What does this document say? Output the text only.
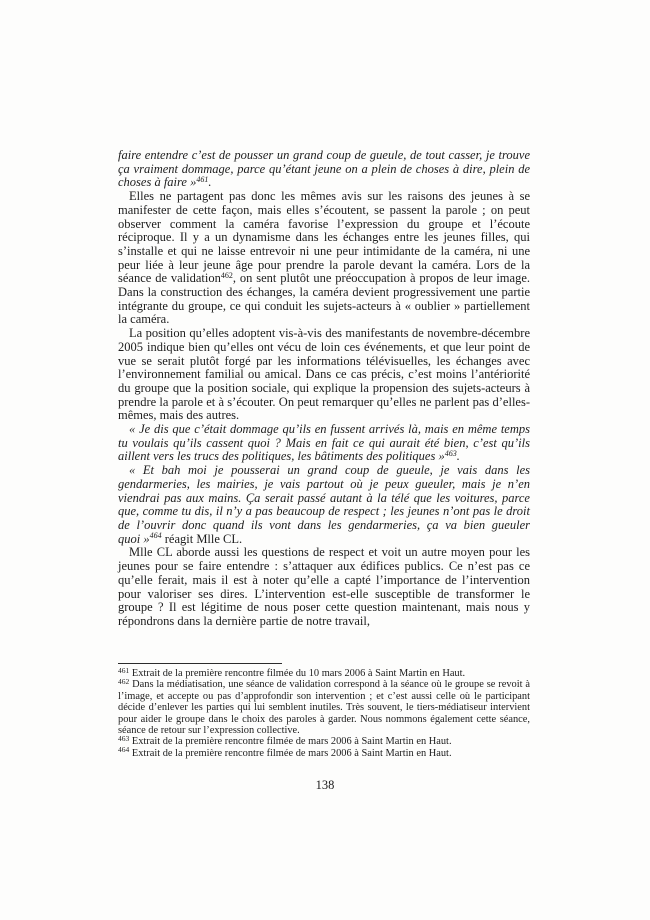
faire entendre c’est de pousser un grand coup de gueule, de tout casser, je trouve ça vraiment dommage, parce qu’étant jeune on a plein de choses à dire, plein de choses à faire »$^{461}$.

Elles ne partagent pas donc les mêmes avis sur les raisons des jeunes à se manifester de cette façon, mais elles s’écoutent, se passent la parole ; on peut observer comment la caméra favorise l’expression du groupe et l’écoute réciproque. Il y a un dynamisme dans les échanges entre les jeunes filles, qui s’installe et qui ne laisse entrevoir ni une peur intimidante de la caméra, ni une peur liée à leur jeune âge pour prendre la parole devant la caméra. Lors de la séance de validation$^{462}$, on sent plutôt une préoccupation à propos de leur image. Dans la construction des échanges, la caméra devient progressivement une partie intégrante du groupe, ce qui conduit les sujets-acteurs à « oublier » partiellement la caméra.

La position qu’elles adoptent vis-à-vis des manifestants de novembre-décembre 2005 indique bien qu’elles ont vécu de loin ces événements, et que leur point de vue se serait plutôt forgé par les informations télévisuelles, les échanges avec l’environnement familial ou amical. Dans ce cas précis, c’est moins l’antériorité du groupe que la position sociale, qui explique la propension des sujets-acteurs à prendre la parole et à s’écouter. On peut remarquer qu’elles ne parlent pas d’elles-mêmes, mais des autres.

« Je dis que c’était dommage qu’ils en fussent arrivés là, mais en même temps tu voulais qu’ils cassent quoi ? Mais en fait ce qui aurait été bien, c’est qu’ils aillent vers les trucs des politiques, les bâtiments des politiques »$^{463}$.

« Et bah moi je pousserai un grand coup de gueule, je vais dans les gendarmeries, les mairies, je vais partout où je peux gueuler, mais je n’en viendrai pas aux mains. Ça serait passé autant à la télé que les voitures, parce que, comme tu dis, il n’y a pas beaucoup de respect ; les jeunes n’ont pas le droit de l’ouvrir donc quand ils vont dans les gendarmeries, ça va bien gueuler quoi »$^{464}$ réagit Mlle CL.

Mlle CL aborde aussi les questions de respect et voit un autre moyen pour les jeunes pour se faire entendre : s’attaquer aux édifices publics. Ce n’est pas ce qu’elle ferait, mais il est à noter qu’elle a capté l’importance de l’intervention pour valoriser ses dires. L’intervention est-elle susceptible de transformer le groupe ? Il est légitime de nous poser cette question maintenant, mais nous y répondrons dans la dernière partie de notre travail,

$^{461}$ Extrait de la première rencontre filmée du 10 mars 2006 à Saint Martin en Haut.

$^{462}$ Dans la médiatisation, une séance de validation correspond à la séance où le groupe se revoit à l’image, et accepte ou pas d’approfondir son intervention ; et c’est aussi celle où le participant décide d’enlever les parties qui lui semblent inutiles. Très souvent, le tiers-médiatiseur intervient pour aider le groupe dans le choix des paroles à garder. Nous nommons également cette séance, séance de retour sur l’expression collective.

$^{463}$ Extrait de la première rencontre filmée de mars 2006 à Saint Martin en Haut.

$^{464}$ Extrait de la première rencontre filmée de mars 2006 à Saint Martin en Haut.

138
